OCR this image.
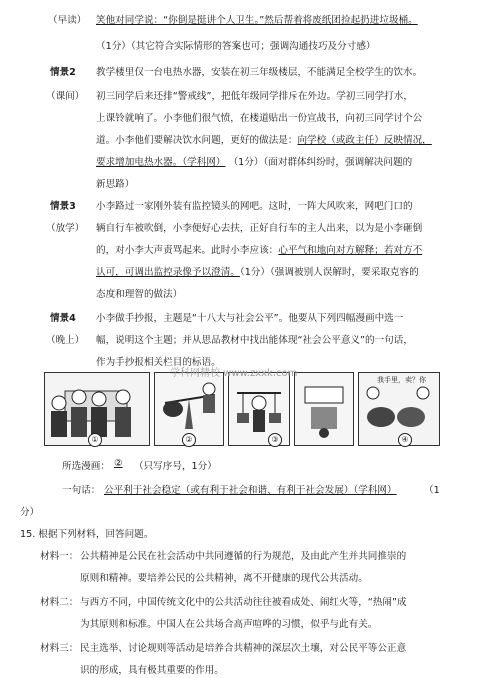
（早读） 笑他对同学说：“你倒是挺讲个人卫生。”然后帮着将废纸团捡起扔进垃圾桶。
（1分）（其它符合实际情形的答案也可；强调沟通技巧及分寸感）
情景2 教学楼里仅一台电热水器，安装在初三年级楼层，不能满足全校学生的饮水。
（课间） 初三同学后来还排“警戒线”，把低年级同学排斥在外边。学初三同学打水，
上课铃就响了。小李他们很气愤，在楼道贴出一份宣战书，向初三同学讨个公
道。小李他们要解决饮水问题，更好的做法是：向学校（或政主任）反映情况，
要求增加电热水器。（学科网） （1分）（面对群体纠纷时，强调解决问题的
新思路）
情景3 小李路过一家刚外装有监控镜头的网吧。这时，一阵大风吹来，网吧门口的
（放学） 辆自行车被吹倒，小李便好心去扶，正好自行车的主人出来，以为是小李砸倒
的，对小李大声责骂起来。此时小李应该：心平气和地向对方解释；若对方不
认可，可调出监控录像予以澄清。（1分）（强调被别人误解时，要采取克容的
态度和理智的做法）
情景4 小李做手抄报，主题是“十八大与社会公平”。他要从下列四幅漫画中选一
（晚上） 幅，说明这个主题；并从思品教材中找出能体现“社会公平意义”的一句话，
作为手抄报相关栏目的标语。
我手里，卖？你
学科网精校 www.zxxk.com
①	②	③	④
所选漫画： ② （只写序号，1分）
一句话： 公平利于社会稳定（或有利于社会和谐、有利于社会发展）（学科网）	（1
分）
15. 根据下列材料，回答问题。
材料一： 公共精神是公民在社会活动中共同遵循的行为规范，及由此产生并共同推崇的
原则和精神。要培养公民的公共精神，离不开健康的现代公共活动。
材料二： 与西方不同，中国传统文化中的公共活动往往被看成处、闹红火等，“热闹”成
为其原则和标准。中国人在公共场合高声喧哗的习惯，似乎与此有关。
材料三： 民主选举、讨论规则等活动是培养合共精神的深层次土壤，对公民平等公正意
识的形成，具有极其重要的作用。
